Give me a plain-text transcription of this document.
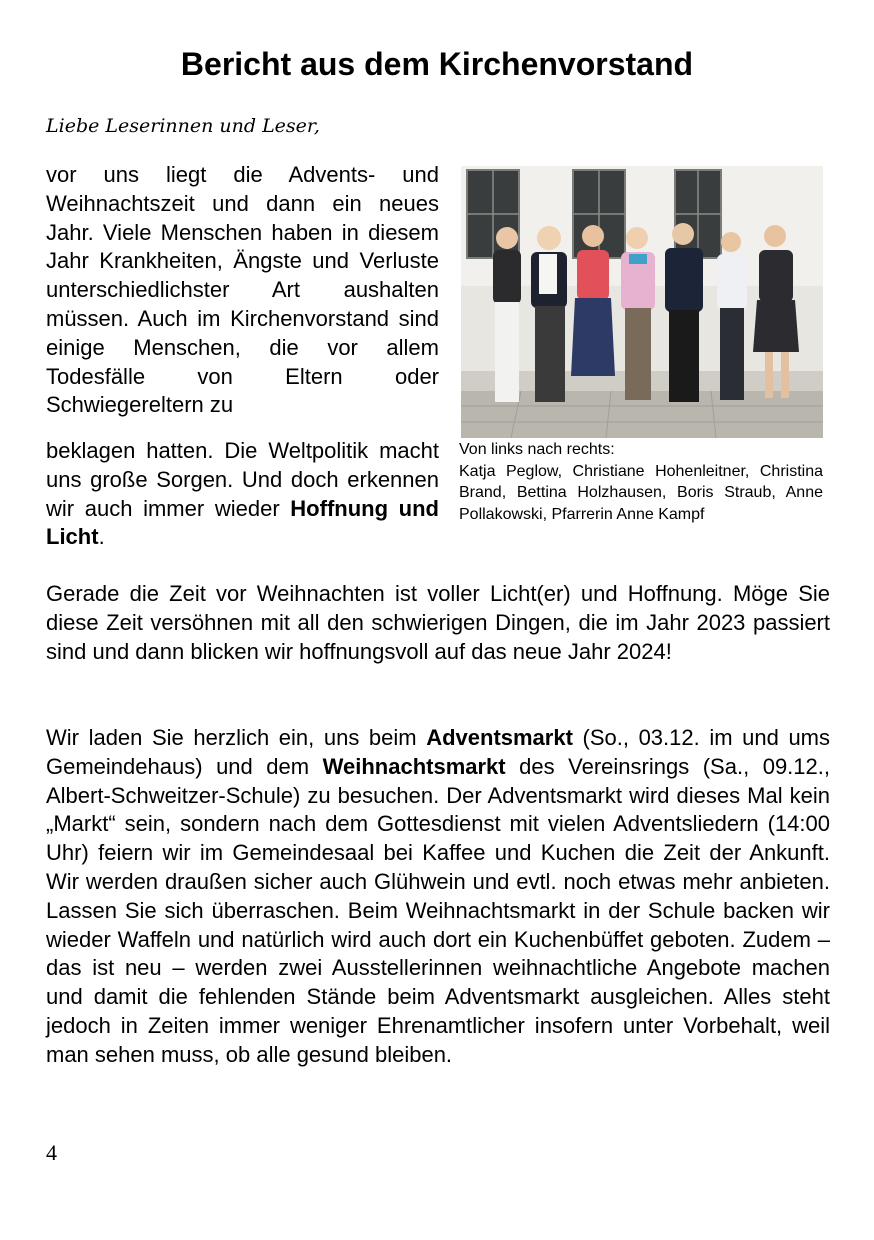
Bericht aus dem Kirchenvorstand
Liebe Leserinnen und Leser,
vor uns liegt die Advents- und Weihnachtszeit und dann ein neues Jahr. Viele Menschen haben in diesem Jahr Krankheiten, Ängste und Verluste unterschiedlichster Art aushalten müssen. Auch im Kirchenvorstand sind einige Menschen, die vor allem Todesfälle von Eltern oder Schwiegereltern zu
Von links nach rechts:
Katja Peglow, Christiane Hohenleitner, Christina Brand, Bettina Holzhausen, Boris Straub, Anne Pollakowski, Pfarrerin Anne Kampf
beklagen hatten. Die Weltpolitik macht uns große Sorgen. Und doch erkennen wir auch immer wieder Hoffnung und Licht.
Gerade die Zeit vor Weihnachten ist voller Licht(er) und Hoffnung. Möge Sie diese Zeit versöhnen mit all den schwierigen Dingen, die im Jahr 2023 passiert sind und dann blicken wir hoffnungsvoll auf das neue Jahr 2024!
Wir laden Sie herzlich ein, uns beim Adventsmarkt (So., 03.12. im und ums Gemeindehaus) und dem Weihnachtsmarkt des Vereinsrings (Sa., 09.12., Albert-Schweitzer-Schule) zu besuchen. Der Adventsmarkt wird dieses Mal kein „Markt“ sein, sondern nach dem Gottesdienst mit vielen Adventsliedern (14:00 Uhr) feiern wir im Gemeindesaal bei Kaffee und Kuchen die Zeit der Ankunft. Wir werden draußen sicher auch Glühwein und evtl. noch etwas mehr anbieten. Lassen Sie sich überraschen. Beim Weihnachtsmarkt in der Schule backen wir wieder Waffeln und natürlich wird auch dort ein Kuchenbüffet geboten. Zudem – das ist neu – werden zwei Ausstellerinnen weihnachtliche Angebote machen und damit die fehlenden Stände beim Adventsmarkt ausgleichen. Alles steht jedoch in Zeiten immer weniger Ehrenamtlicher insofern unter Vorbehalt, weil man sehen muss, ob alle gesund bleiben.
4
